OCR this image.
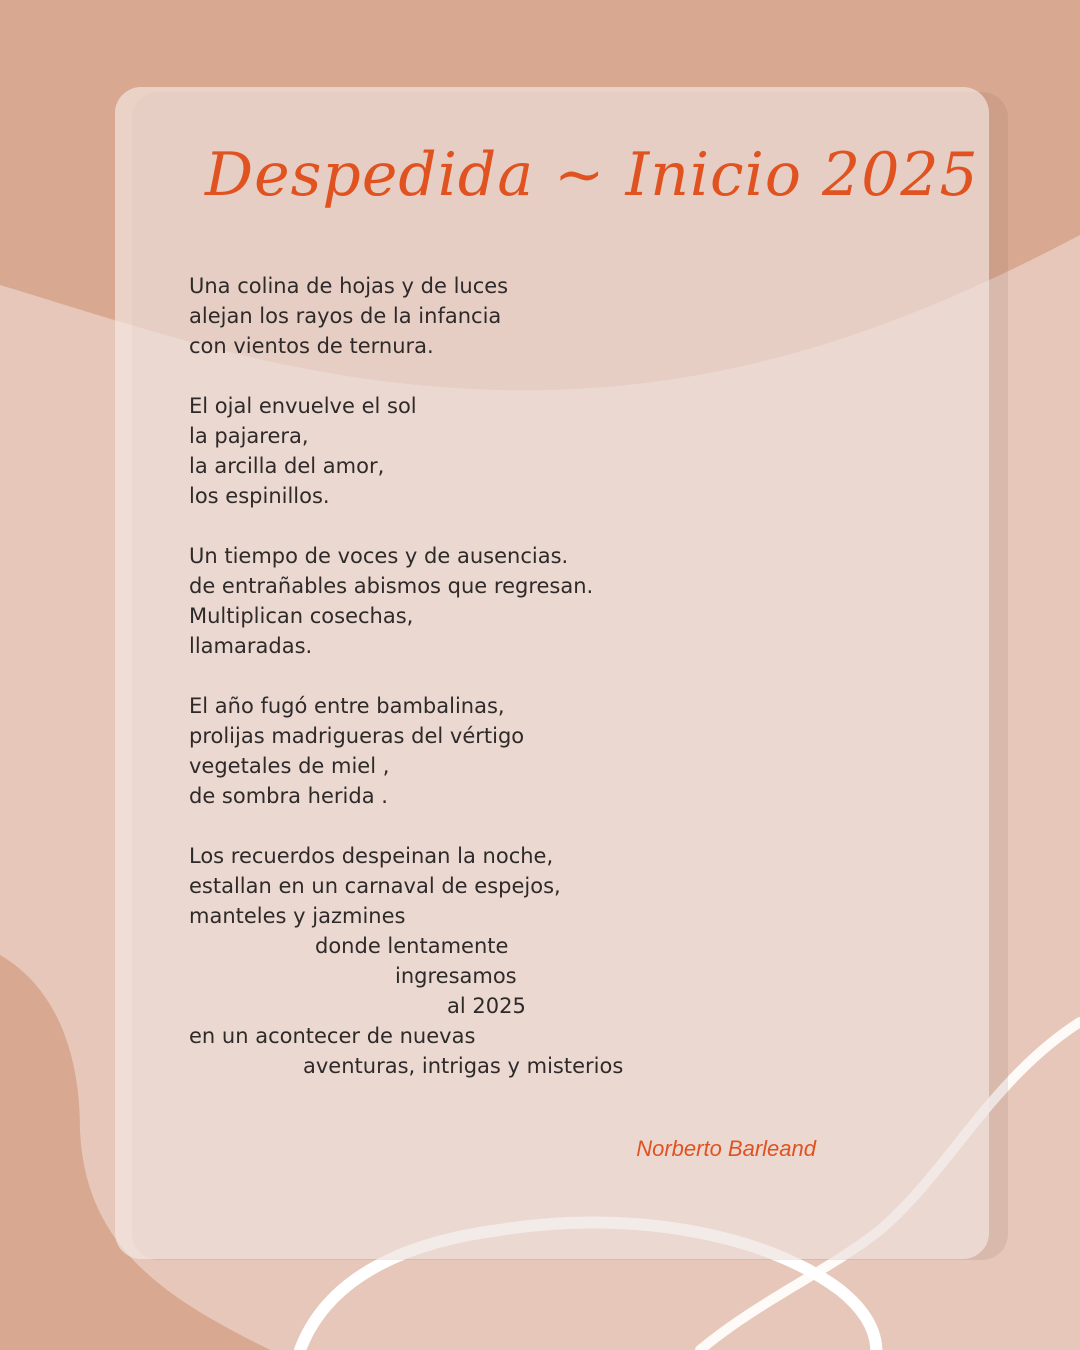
Despedida ~ Inicio 2025
Una colina de hojas y de luces
alejan los rayos de la infancia
con vientos de ternura.
El ojal envuelve el sol
la pajarera,
la arcilla del amor,
los espinillos.
Un tiempo de voces y de ausencias.
de entrañables abismos que regresan.
Multiplican cosechas,
llamaradas.
El año fugó entre bambalinas,
prolijas madrigueras del vértigo
vegetales de miel ,
de sombra herida .
Los recuerdos despeinan la noche,
estallan en un carnaval de espejos,
manteles y jazmines
donde lentamente
ingresamos
al 2025
en un acontecer de nuevas
aventuras, intrigas y misterios
Norberto Barleand
